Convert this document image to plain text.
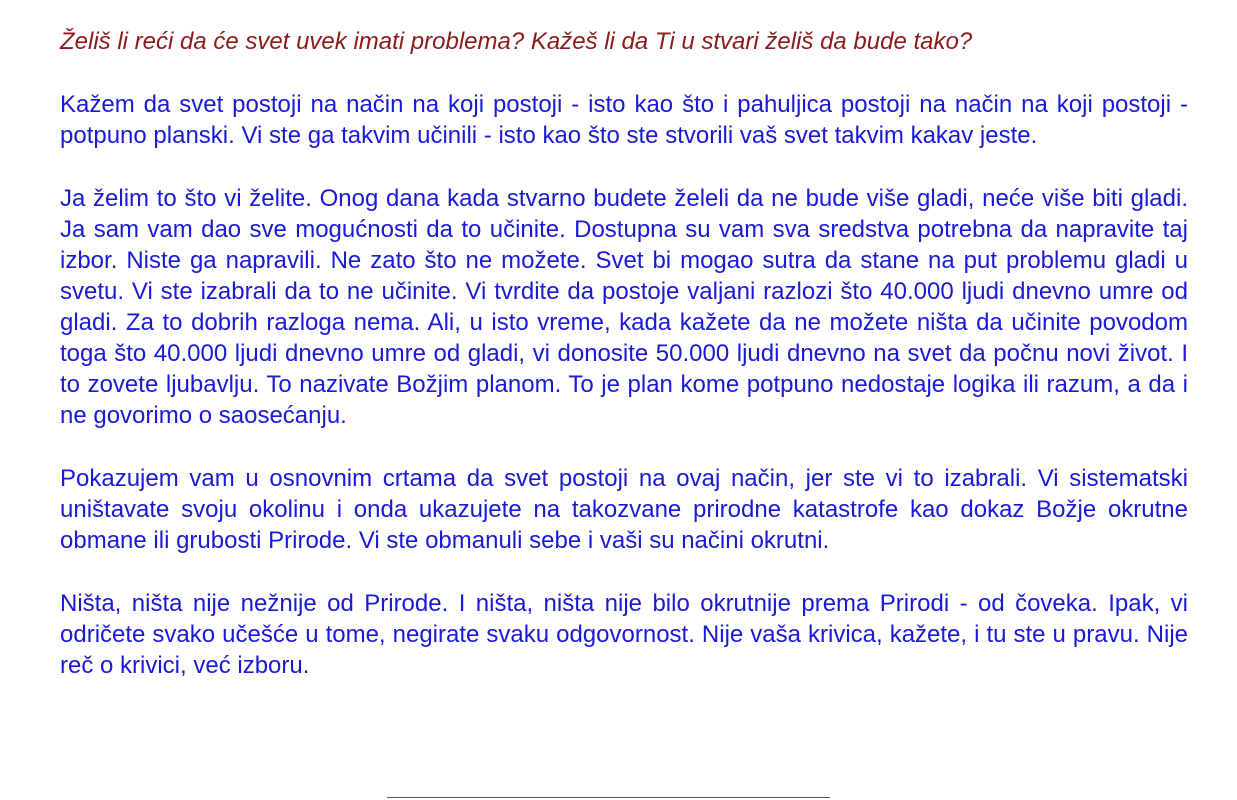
Želiš li reći da će svet uvek imati problema? Kažeš li da Ti u stvari želiš da bude tako?

Kažem da svet postoji na način na koji postoji - isto kao što i pahuljica postoji na način na koji postoji - potpuno planski. Vi ste ga takvim učinili - isto kao što ste stvorili vaš svet takvim kakav jeste.

Ja želim to što vi želite. Onog dana kada stvarno budete želeli da ne bude više gladi, neće više biti gladi. Ja sam vam dao sve mogućnosti da to učinite. Dostupna su vam sva sredstva potrebna da napravite taj izbor. Niste ga napravili. Ne zato što ne možete. Svet bi mogao sutra da stane na put problemu gladi u svetu. Vi ste izabrali da to ne učinite. Vi tvrdite da postoje valjani razlozi što 40.000 ljudi dnevno umre od gladi. Za to dobrih razloga nema. Ali, u isto vreme, kada kažete da ne možete ništa da učinite povodom toga što 40.000 ljudi dnevno umre od gladi, vi donosite 50.000 ljudi dnevno na svet da počnu novi život. I to zovete ljubavlju. To nazivate Božjim planom. To je plan kome potpuno nedostaje logika ili razum, a da i ne govorimo o saosećanju.

Pokazujem vam u osnovnim crtama da svet postoji na ovaj način, jer ste vi to izabrali. Vi sistematski uništavate svoju okolinu i onda ukazujete na takozvane prirodne katastrofe kao dokaz Božje okrutne obmane ili grubosti Prirode. Vi ste obmanuli sebe i vaši su načini okrutni.

Ništa, ništa nije nežnije od Prirode. I ništa, ništa nije bilo okrutnije prema Prirodi - od čoveka. Ipak, vi odričete svako učešće u tome, negirate svaku odgovornost. Nije vaša krivica, kažete, i tu ste u pravu. Nije reč o krivici, već izboru.
